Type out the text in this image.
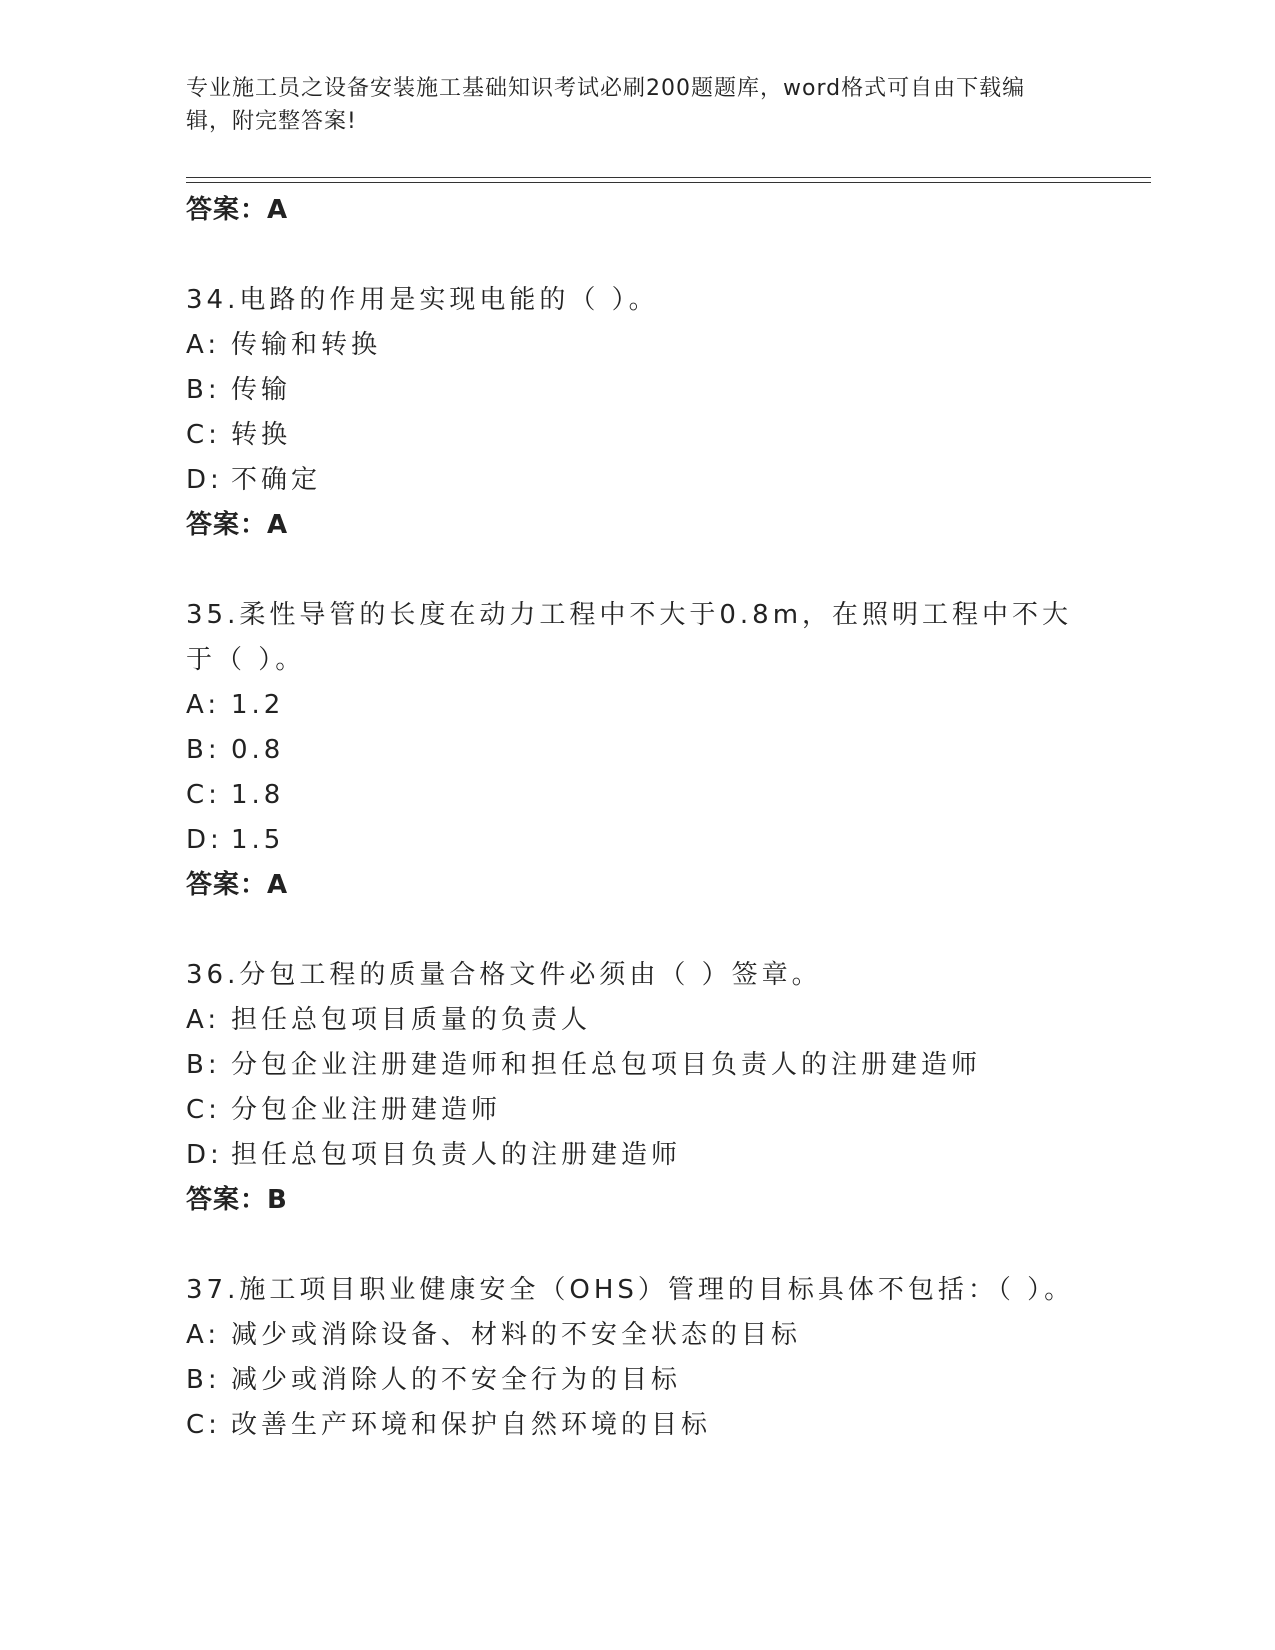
专业施工员之设备安装施工基础知识考试必刷200题题库，word格式可自由下载编辑，附完整答案!
答案：A
34.电路的作用是实现电能的（ ）。
A: 传输和转换
B: 传输
C: 转换
D: 不确定
答案：A
35.柔性导管的长度在动力工程中不大于0.8m，在照明工程中不大于（ ）。
A: 1.2
B: 0.8
C: 1.8
D: 1.5
答案：A
36.分包工程的质量合格文件必须由（ ）签章。
A: 担任总包项目质量的负责人
B: 分包企业注册建造师和担任总包项目负责人的注册建造师
C: 分包企业注册建造师
D: 担任总包项目负责人的注册建造师
答案：B
37.施工项目职业健康安全（OHS）管理的目标具体不包括：（ ）。
A: 减少或消除设备、材料的不安全状态的目标
B: 减少或消除人的不安全行为的目标
C: 改善生产环境和保护自然环境的目标
